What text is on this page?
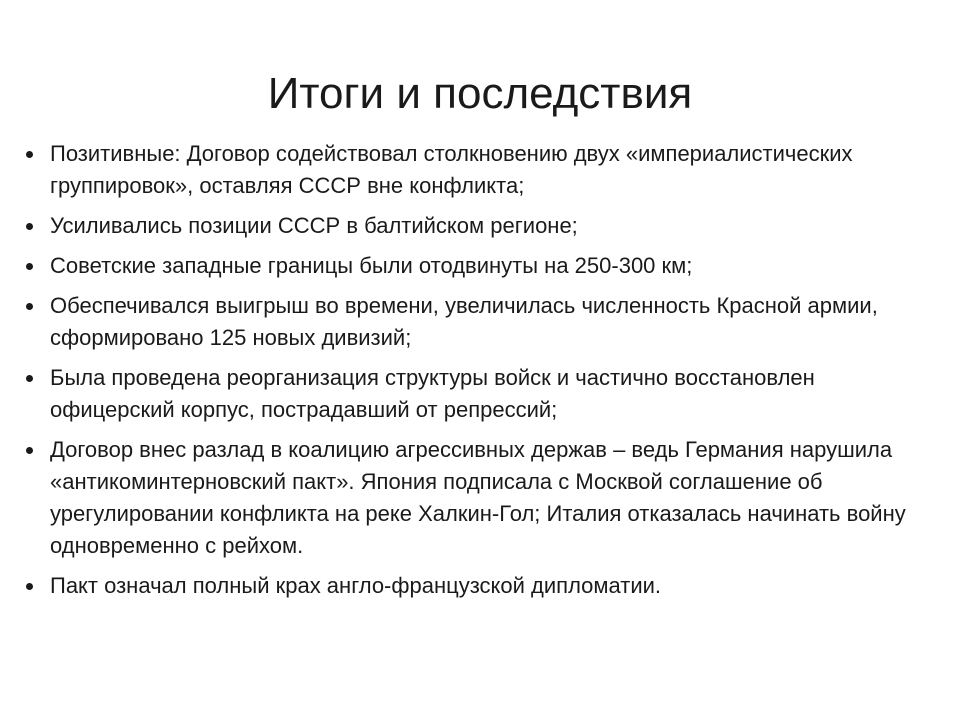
Итоги и последствия
Позитивные: Договор содействовал столкновению двух «империалистических группировок», оставляя СССР вне конфликта;
Усиливались позиции СССР в балтийском регионе;
Советские западные границы были отодвинуты на 250-300 км;
Обеспечивался выигрыш во времени, увеличилась численность Красной армии, сформировано 125 новых дивизий;
Была проведена реорганизация структуры войск и частично восстановлен офицерский корпус, пострадавший от репрессий;
Договор внес разлад в коалицию агрессивных держав – ведь Германия нарушила «антикоминтерновский пакт». Япония подписала с Москвой соглашение об урегулировании конфликта на реке Халкин-Гол; Италия отказалась начинать войну одновременно с рейхом.
Пакт означал полный крах англо-французской дипломатии.
